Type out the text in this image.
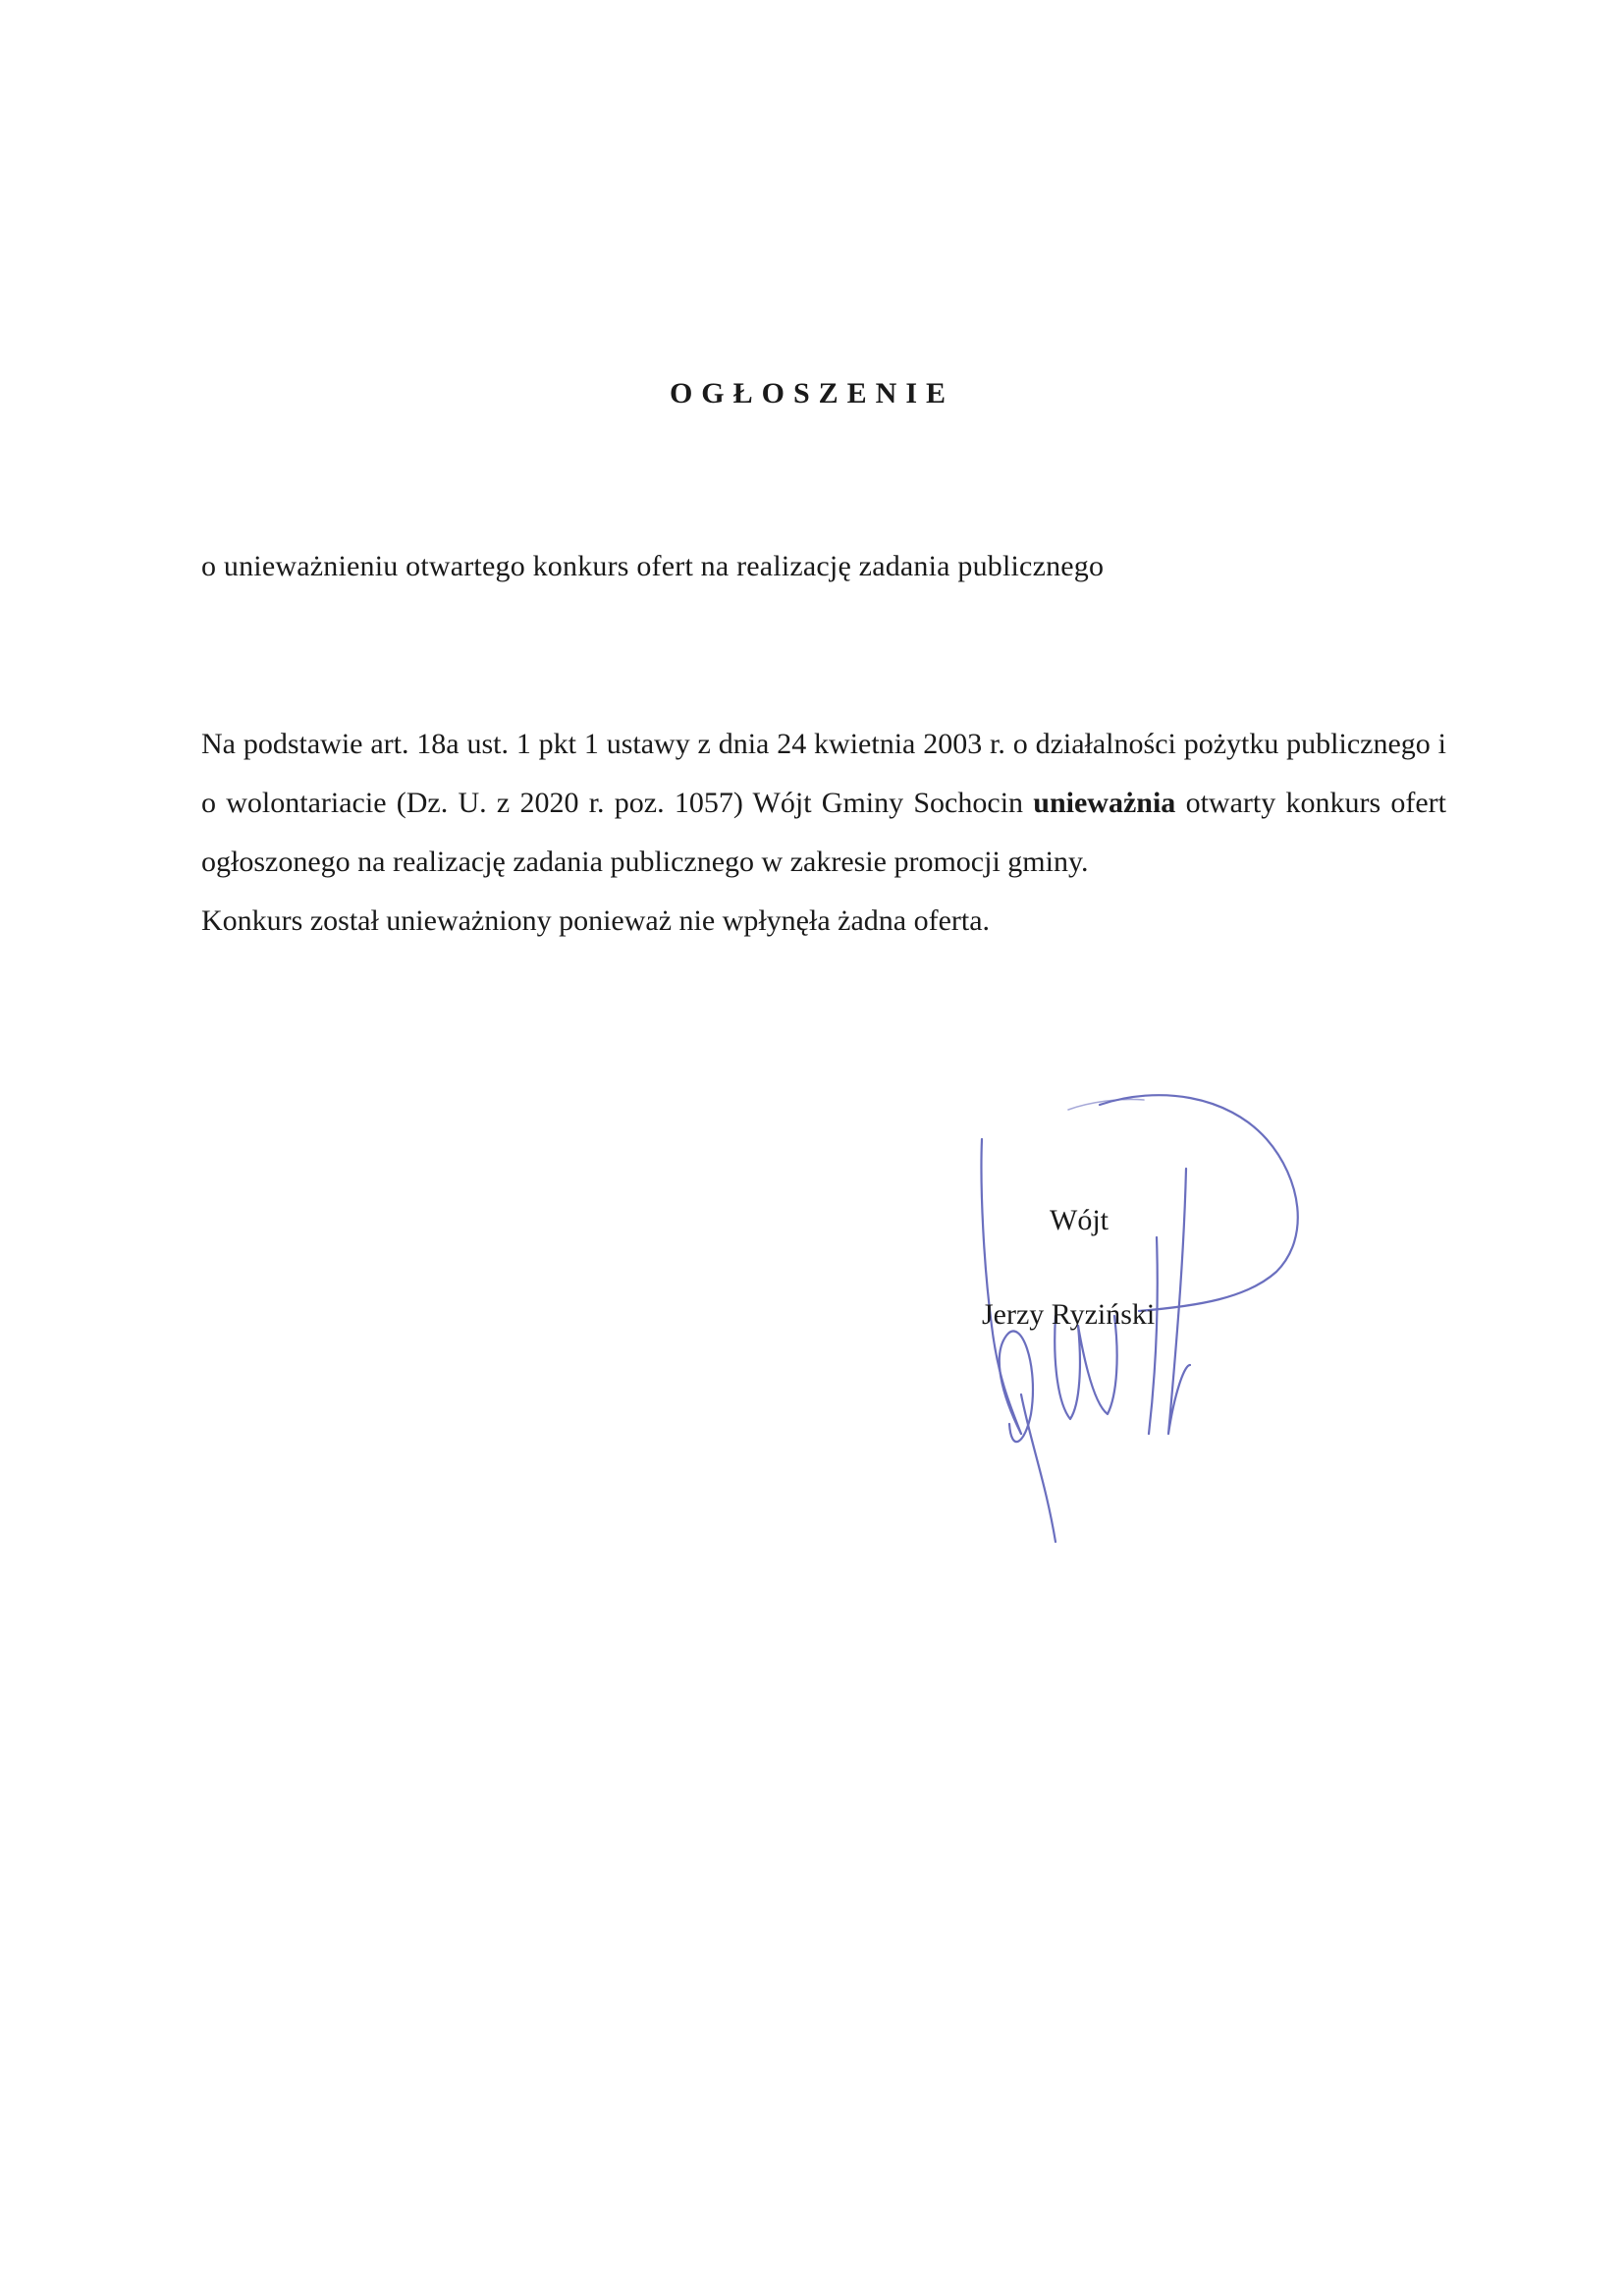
OGŁOSZENIE
o unieważnieniu otwartego konkurs ofert na realizację zadania publicznego

Na podstawie art. 18a ust. 1 pkt 1 ustawy z dnia 24 kwietnia 2003 r. o działalności pożytku publicznego i o wolontariacie (Dz. U. z 2020 r. poz. 1057) Wójt Gminy Sochocin unieważnia otwarty konkurs ofert ogłoszonego na realizację zadania publicznego w zakresie promocji gminy.

Konkurs został unieważniony ponieważ nie wpłynęła żadna oferta.

Wójt
Jerzy Ryziński
